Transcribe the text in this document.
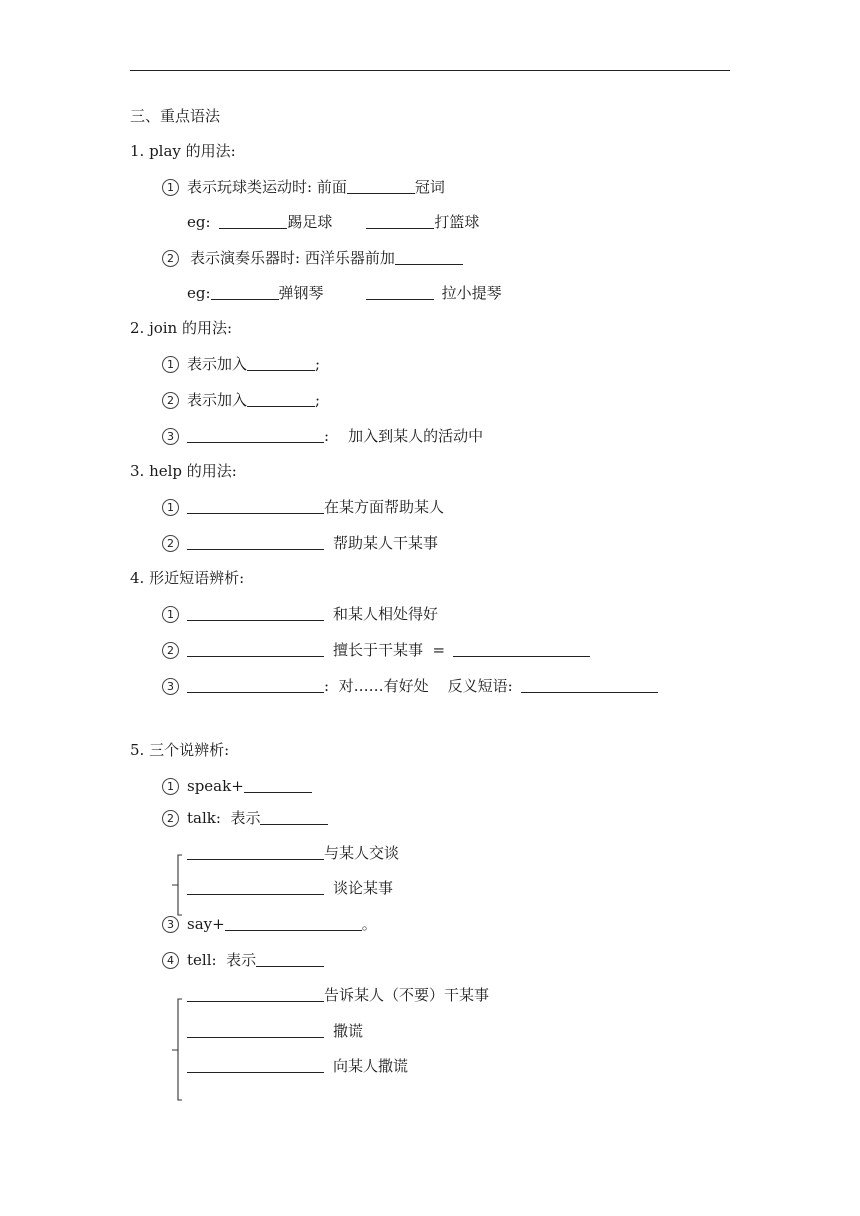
三、重点语法
1. play 的用法:
1 表示玩球类运动时: 前面	冠词
eg:	踢足球	打篮球
2 表示演奏乐器时: 西洋乐器前加
eg:	弹钢琴	拉小提琴
2. join 的用法:
1 表示加入	;
2 表示加入	;
3	:    加入到某人的活动中
3. help 的用法:
1	在某方面帮助某人
2	帮助某人干某事
4. 形近短语辨析:
1	和某人相处得好
2	擅长于干某事  =
3	:  对……有好处    反义短语:
5. 三个说辨析:
1 speak+
2 talk:  表示
与某人交谈
谈论某事
3 say+	。
4 tell:  表示
告诉某人（不要）干某事
撒谎
向某人撒谎
